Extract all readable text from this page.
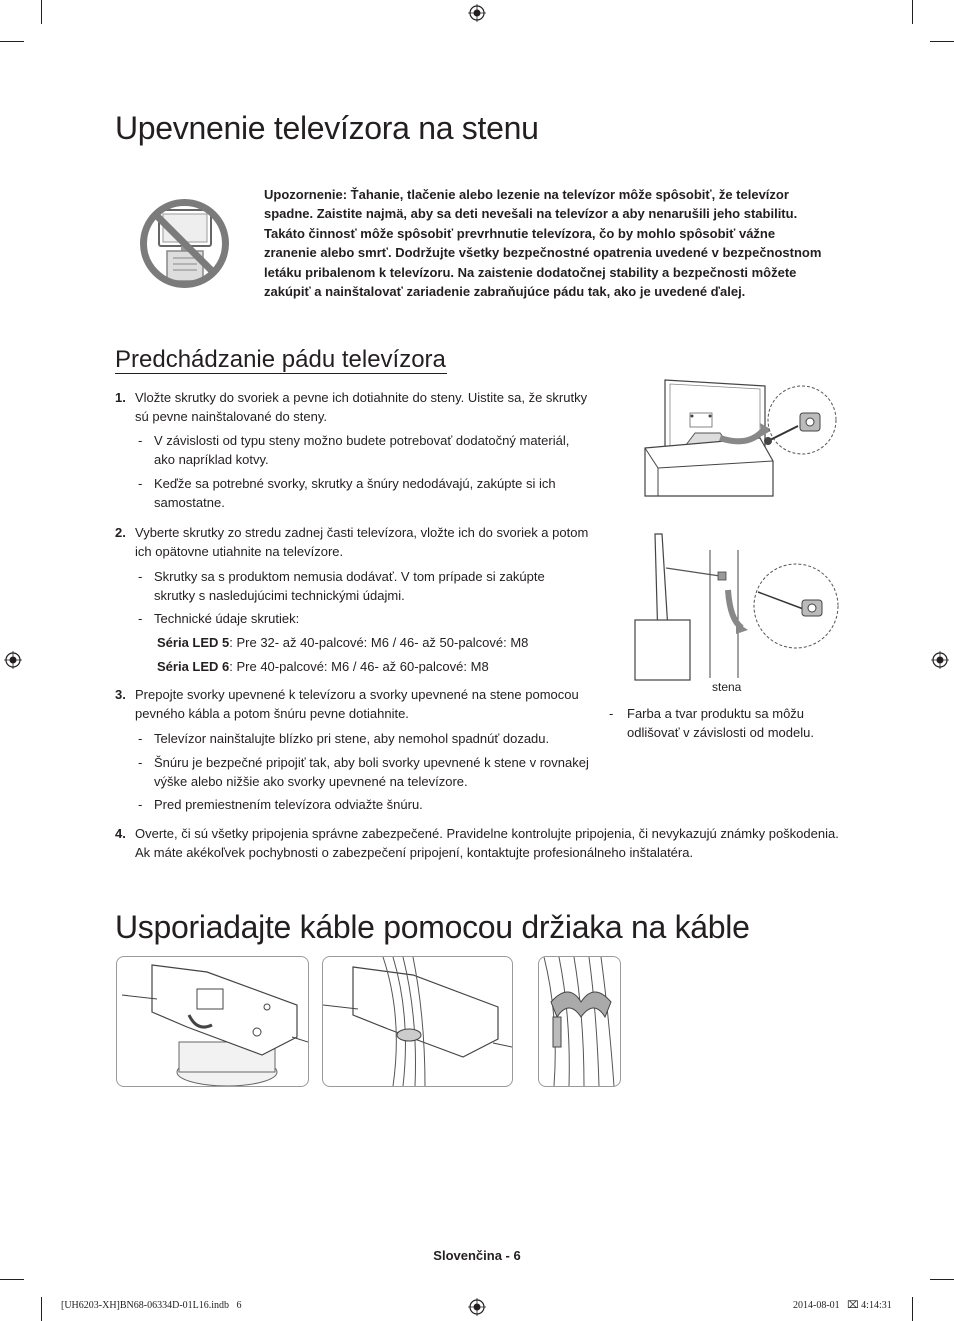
Upevnenie televízora na stenu
Upozornenie: Ťahanie, tlačenie alebo lezenie na televízor môže spôsobiť, že televízor spadne. Zaistite najmä, aby sa deti nevešali na televízor a aby nenarušili jeho stabilitu. Takáto činnosť môže spôsobiť prevrhnutie televízora, čo by mohlo spôsobiť vážne zranenie alebo smrť. Dodržujte všetky bezpečnostné opatrenia uvedené v bezpečnostnom letáku pribalenom k televízoru. Na zaistenie dodatočnej stability a bezpečnosti môžete zakúpiť a nainštalovať zariadenie zabraňujúce pádu tak, ako je uvedené ďalej.
Predchádzanie pádu televízora
1. Vložte skrutky do svoriek a pevne ich dotiahnite do steny. Uistite sa, že skrutky
sú pevne nainštalované do steny.
- V závislosti od typu steny možno budete potrebovať dodatočný materiál,
ako napríklad kotvy.
- Keďže sa potrebné svorky, skrutky a šnúry nedodávajú, zakúpte si ich
samostatne.
2. Vyberte skrutky zo stredu zadnej časti televízora, vložte ich do svoriek a potom
ich opätovne utiahnite na televízore.
- Skrutky sa s produktom nemusia dodávať. V tom prípade si zakúpte
skrutky s nasledujúcimi technickými údajmi.
- Technické údaje skrutiek:
Séria LED 5: Pre 32- až 40-palcové: M6 / 46- až 50-palcové: M8
Séria LED 6: Pre 40-palcové: M6 / 46- až 60-palcové: M8
3. Prepojte svorky upevnené k televízoru a svorky upevnené na stene pomocou
pevného kábla a potom šnúru pevne dotiahnite.
- Televízor nainštalujte blízko pri stene, aby nemohol spadnúť dozadu.
- Šnúru je bezpečné pripojiť tak, aby boli svorky upevnené k stene v rovnakej
výške alebo nižšie ako svorky upevnené na televízore.
- Pred premiestnením televízora odviažte šnúru.
4. Overte, či sú všetky pripojenia správne zabezpečené. Pravidelne kontrolujte pripojenia, či nevykazujú známky poškodenia.
Ak máte akékoľvek pochybnosti o zabezpečení pripojení, kontaktujte profesionálneho inštalatéra.
stena
- Farba a tvar produktu sa môžu
odlišovať v závislosti od modelu.
Usporiadajte káble pomocou držiaka na káble
Slovenčina - 6
[UH6203-XH]BN68-06334D-01L16.indb   6	2014-08-01   ⌧ 4:14:31
